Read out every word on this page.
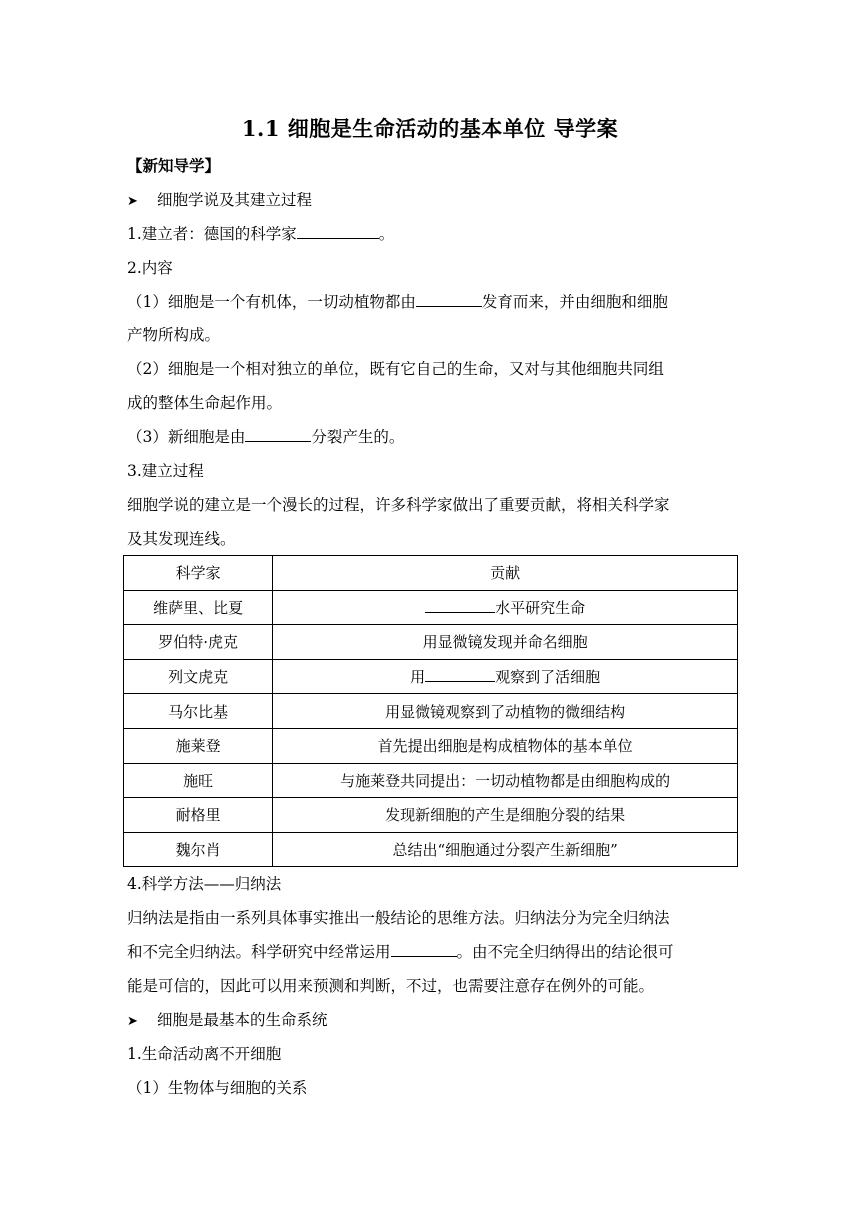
1.1 细胞是生命活动的基本单位 导学案
【新知导学】
➤ 细胞学说及其建立过程
1.建立者：德国的科学家	。
2.内容
（1）细胞是一个有机体，一切动植物都由	发育而来，并由细胞和细胞
产物所构成。
（2）细胞是一个相对独立的单位，既有它自己的生命，又对与其他细胞共同组
成的整体生命起作用。
（3）新细胞是由	分裂产生的。
3.建立过程
细胞学说的建立是一个漫长的过程，许多科学家做出了重要贡献，将相关科学家
及其发现连线。
科学家	贡献
维萨里、比夏	水平研究生命
罗伯特·虎克	用显微镜发现并命名细胞
列文虎克	用 观察到了活细胞
马尔比基	用显微镜观察到了动植物的微细结构
施莱登	首先提出细胞是构成植物体的基本单位
施旺	与施莱登共同提出：一切动植物都是由细胞构成的
耐格里	发现新细胞的产生是细胞分裂的结果
魏尔肖	总结出“细胞通过分裂产生新细胞”
4.科学方法——归纳法
归纳法是指由一系列具体事实推出一般结论的思维方法。归纳法分为完全归纳法
和不完全归纳法。科学研究中经常运用	。由不完全归纳得出的结论很可
能是可信的，因此可以用来预测和判断，不过，也需要注意存在例外的可能。
➤ 细胞是最基本的生命系统
1.生命活动离不开细胞
（1）生物体与细胞的关系
